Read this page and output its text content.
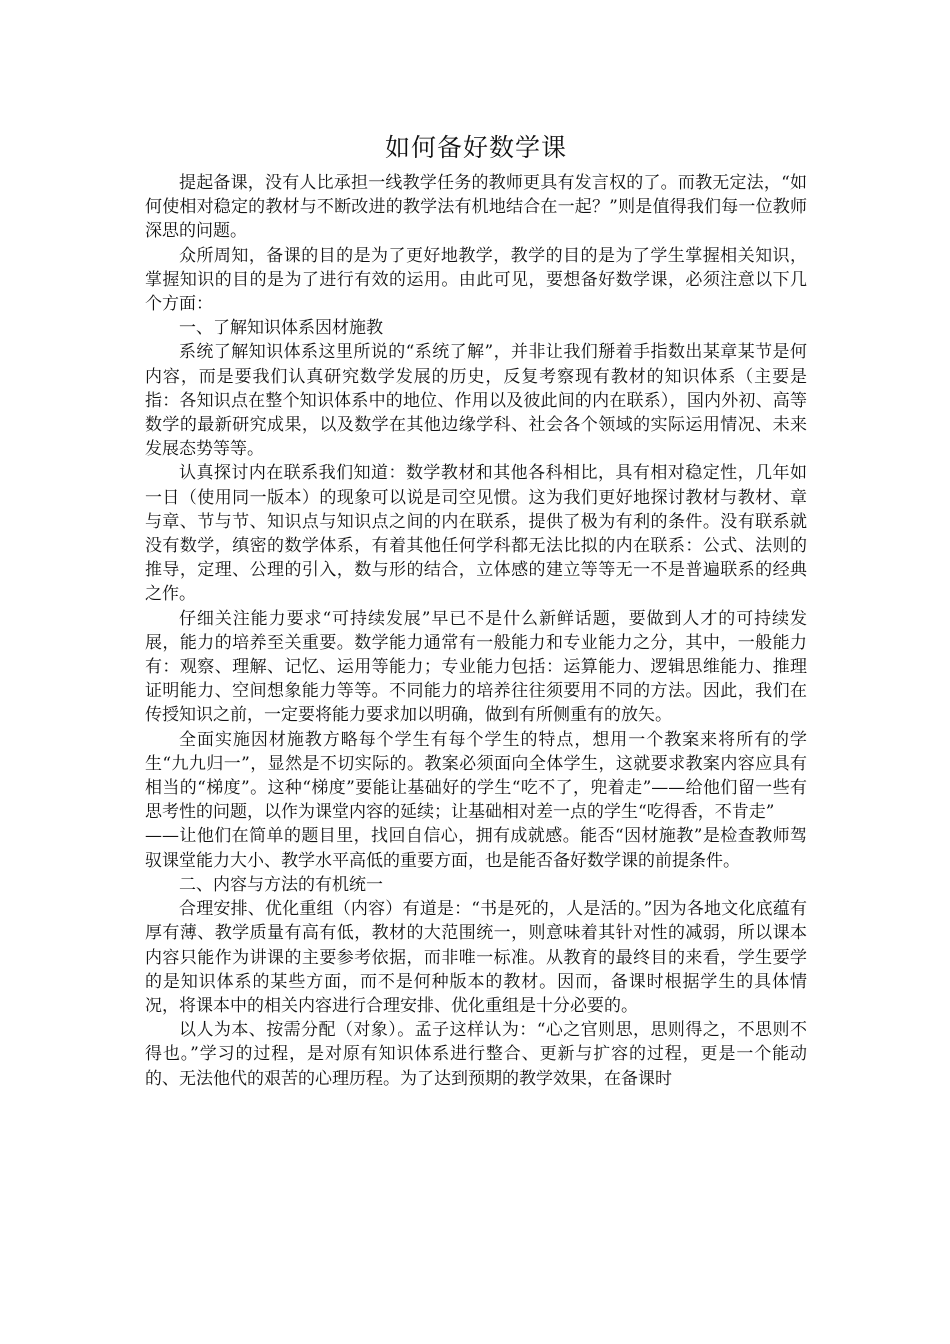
如何备好数学课

提起备课，没有人比承担一线教学任务的教师更具有发言权的了。而教无定法，“如何使相对稳定的教材与不断改进的教学法有机地结合在一起？”则是值得我们每一位教师深思的问题。

众所周知，备课的目的是为了更好地教学，教学的目的是为了学生掌握相关知识，掌握知识的目的是为了进行有效的运用。由此可见，要想备好数学课，必须注意以下几个方面：

一、了解知识体系因材施教

系统了解知识体系这里所说的“系统了解”，并非让我们掰着手指数出某章某节是何内容，而是要我们认真研究数学发展的历史，反复考察现有教材的知识体系（主要是指：各知识点在整个知识体系中的地位、作用以及彼此间的内在联系），国内外初、高等数学的最新研究成果，以及数学在其他边缘学科、社会各个领域的实际运用情况、未来发展态势等等。

认真探讨内在联系我们知道：数学教材和其他各科相比，具有相对稳定性，几年如一日（使用同一版本）的现象可以说是司空见惯。这为我们更好地探讨教材与教材、章与章、节与节、知识点与知识点之间的内在联系，提供了极为有利的条件。没有联系就没有数学，缜密的数学体系，有着其他任何学科都无法比拟的内在联系：公式、法则的推导，定理、公理的引入，数与形的结合，立体感的建立等等无一不是普遍联系的经典之作。

仔细关注能力要求“可持续发展”早已不是什么新鲜话题，要做到人才的可持续发展，能力的培养至关重要。数学能力通常有一般能力和专业能力之分，其中，一般能力有：观察、理解、记忆、运用等能力；专业能力包括：运算能力、逻辑思维能力、推理证明能力、空间想象能力等等。不同能力的培养往往须要用不同的方法。因此，我们在传授知识之前，一定要将能力要求加以明确，做到有所侧重有的放矢。

全面实施因材施教方略每个学生有每个学生的特点，想用一个教案来将所有的学生“九九归一”，显然是不切实际的。教案必须面向全体学生，这就要求教案内容应具有相当的“梯度”。这种“梯度”要能让基础好的学生“吃不了，兜着走”——给他们留一些有思考性的问题，以作为课堂内容的延续；让基础相对差一点的学生“吃得香，不肯走”

——让他们在简单的题目里，找回自信心，拥有成就感。能否“因材施教”是检查教师驾驭课堂能力大小、教学水平高低的重要方面，也是能否备好数学课的前提条件。

二、内容与方法的有机统一

合理安排、优化重组（内容）有道是：“书是死的，人是活的。”因为各地文化底蕴有厚有薄、教学质量有高有低，教材的大范围统一，则意味着其针对性的减弱，所以课本内容只能作为讲课的主要参考依据，而非唯一标准。从教育的最终目的来看，学生要学的是知识体系的某些方面，而不是何种版本的教材。因而，备课时根据学生的具体情况，将课本中的相关内容进行合理安排、优化重组是十分必要的。

以人为本、按需分配（对象）。孟子这样认为：“心之官则思，思则得之，不思则不得也。”学习的过程，是对原有知识体系进行整合、更新与扩容的过程，更是一个能动的、无法他代的艰苦的心理历程。为了达到预期的教学效果，在备课时
